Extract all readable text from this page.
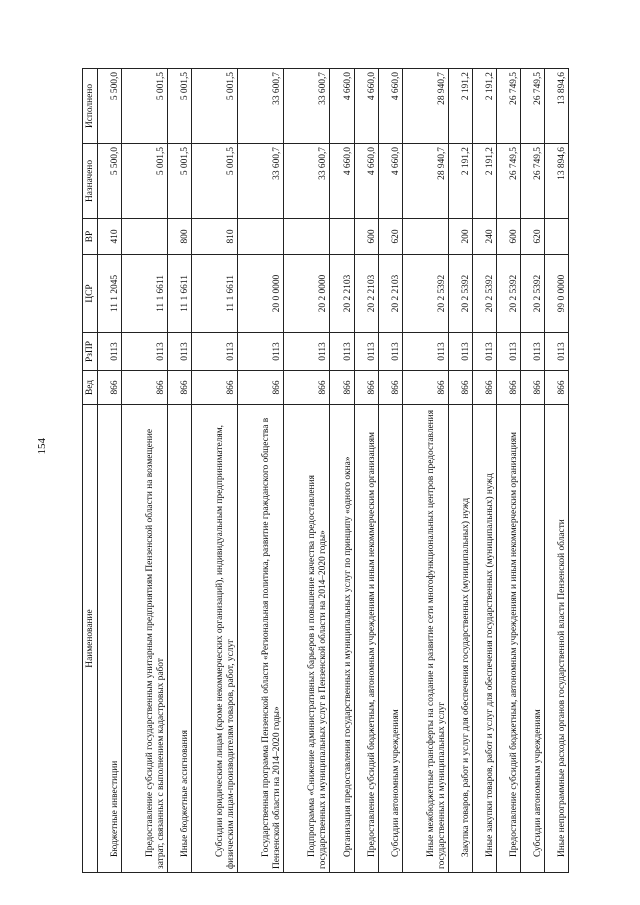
154
Наименование	Вед	РзПР	ЦСР	ВР	Назначено	Исполнено
Бюджетные инвестиции	866	0113	11 1 2045	410	5 500,0	5 500,0
Предоставление субсидий государственным унитарным предприятиям Пензенской области на возмещение затрат, связанных с выполнением кадастровых работ	866	0113	11 1 6611		5 001,5	5 001,5
Иные бюджетные ассигнования	866	0113	11 1 6611	800	5 001,5	5 001,5
Субсидии юридическим лицам (кроме некоммерческих организаций), индивидуальным предпринимателям, физическим лицам-производителям товаров, работ, услуг	866	0113	11 1 6611	810	5 001,5	5 001,5
Государственная программа Пензенской области «Региональная политика, развитие гражданского общества в Пензенской области на 2014–2020 годы»	866	0113	20 0 0000		33 600,7	33 600,7
Подпрограмма «Снижение административных барьеров и повышение качества предоставления государственных и муниципальных услуг в Пензенской области на 2014–2020 годы»	866	0113	20 2 0000		33 600,7	33 600,7
Организация предоставления государственных и муниципальных услуг по принципу «одного окна»	866	0113	20 2 2103		4 660,0	4 660,0
Предоставление субсидий бюджетным, автономным учреждениям и иным некоммерческим организациям	866	0113	20 2 2103	600	4 660,0	4 660,0
Субсидии автономным учреждениям	866	0113	20 2 2103	620	4 660,0	4 660,0
Иные межбюджетные трансферты на создание и развитие сети многофункциональных центров предоставления государственных и муниципальных услуг	866	0113	20 2 5392		28 940,7	28 940,7
Закупка товаров, работ и услуг для обеспечения государственных (муниципальных) нужд	866	0113	20 2 5392	200	2 191,2	2 191,2
Иные закупки товаров, работ и услуг для обеспечения государственных (муниципальных) нужд	866	0113	20 2 5392	240	2 191,2	2 191,2
Предоставление субсидий бюджетным, автономным учреждениям и иным некоммерческим организациям	866	0113	20 2 5392	600	26 749,5	26 749,5
Субсидии автономным учреждениям	866	0113	20 2 5392	620	26 749,5	26 749,5
Иные непрограммные расходы органов государственной власти Пензенской области	866	0113	99 0 0000		13 894,6	13 894,6
